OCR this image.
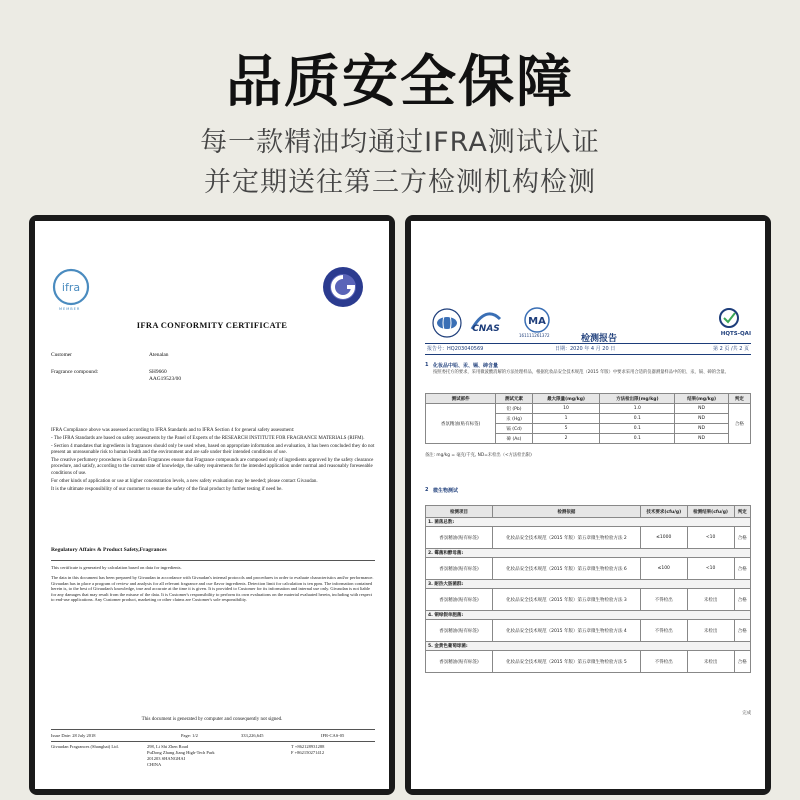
品质安全保障
每一款精油均通过IFRA测试认证
并定期送往第三方检测机构检测
ifra
MEMBER
IFRA CONFORMITY CERTIFICATE
Customer	Atenalan
Fragrance compound:	SH9660
AAG19523/00

IFRA Compliance above was assessed according to IFRA Standards and to IFRA Section 4 for general safety assessment:

- The IFRA Standards are based on safety assessments by the Panel of Experts of the RESEARCH INSTITUTE FOR FRAGRANCE MATERIALS (RIFM).

- Section 4 mandates that ingredients in fragrances should only be used when, based on appropriate information and evaluation, it has been concluded they do not present an unreasonable risk to human health and the environment and are safe under their intended conditions of use.

The creative perfumery procedures in Givaudan Fragrances ensure that Fragrance compounds are composed only of ingredients approved by the safety clearance procedure, and satisfy, according to the current state of knowledge, the safety requirements for the intended application under normal and reasonably foreseeable conditions of use.

For other kinds of application or use at higher concentration levels, a new safety evaluation may be needed; please contact Givaudan.

It is the ultimate responsibility of our customer to ensure the safety of the final product by further testing if need be.

Regulatory Affairs & Product Safety,Fragrances
This certificate is generated by calculation based on data for ingredients.
The data in this document has been prepared by Givaudan in accordance with Givaudan's internal protocols and procedures in order to evaluate characteristics and/or performance. Givaudan has in place a program of review and analysis for all relevant fragrance and cue flavor ingredients. Detection limit for calculation is ten ppm. The information contained herein is, to the best of Givaudan's knowledge, true and accurate at the time it is given. It is provided to Customer for its information and internal use only. Givaudan is not liable for any damages that may result from the misuse of the data. It is Customer's responsibility to perform its own evaluations on the material evaluated herein, including with respect to end-use applications. Any Customer product, marketing or other claims are Customer's sole responsibility.
This document is generated by computer and consequently not signed.
Issue Date: 28 July 2018	Page: 1/2	333,226,645	IFR-CAS-05
Givaudan Fragrances (Shanghai) Ltd.	298, Li Shi Zhen Road
PuDong Zhang Jiang High-Tech Park
201203 SHANGHAI
CHINA
T +862128931288
F +862150271412
CNAS
MA
161111261372	检测报告	HQTS-QAI
报告号：HQ203040569	日期：2020 年 4 月 20 日	第 2 页 /共 2 页
1 化妆品中铅、汞、镉、砷含量
按照委托方的要求，采用微波酸消解的方法处理样品，根据化妆品安全技术规范（2015 年版）中要求采用合适的仪器测量样品中的铅、汞、镉、砷的含量。
测试部件	测试元素	最大限量(mg/kg)	方法检出限(mg/kg)	结果(mg/kg)	判定
香氛精油(贴有标签)	铅 (Pb)	10	1.0	ND	合格
	汞 (Hg)	1	0.1	ND	
	镉 (Cd)	5	0.1	ND	
	砷 (As)	2	0.1	ND	
备注: mg/kg = 毫克/千克, ND=未检出（<方法检出限)
2 微生物测试
检测项目	检测依据	技术要求(cfu/g)	检测结果(cfu/g)	判定
1. 菌落总数:				
香氛精油(贴有标签)	化妆品安全技术规范（2015 年版）第五章微生物检验方法 2	≤1000	<10	合格
2. 霉菌和酵母菌:				
香氛精油(贴有标签)	化妆品安全技术规范（2015 年版）第五章微生物检验方法 6	≤100	<10	合格
3. 耐热大肠菌群:				
香氛精油(贴有标签)	化妆品安全技术规范（2015 年版）第五章微生物检验方法 3	不得检出	未检出	合格
4. 铜绿假单胞菌:				
香氛精油(贴有标签)	化妆品安全技术规范（2015 年版）第五章微生物检验方法 4	不得检出	未检出	合格
5. 金黄色葡萄球菌:				
香氛精油(贴有标签)	化妆品安全技术规范（2015 年版）第五章微生物检验方法 5	不得检出	未检出	合格
完成
